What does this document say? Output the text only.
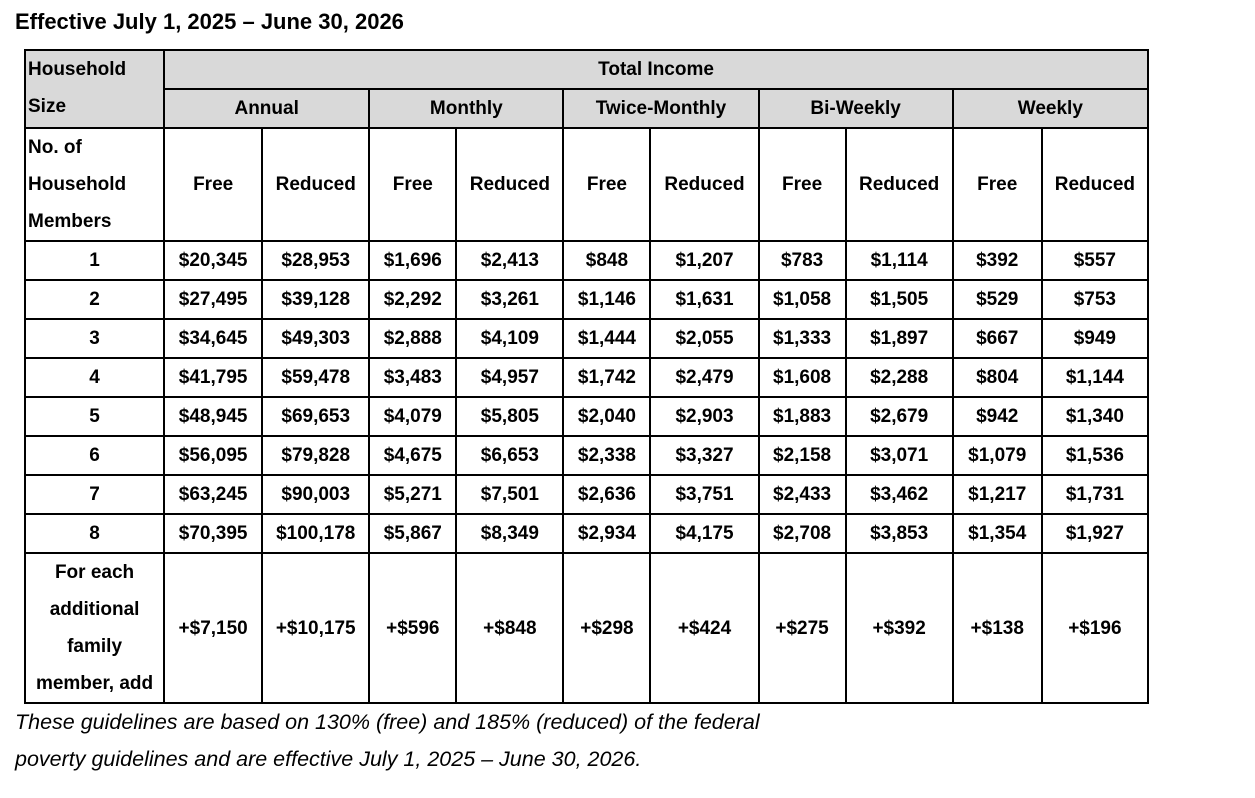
Effective July 1, 2025 – June 30, 2026
Household
Size	Total Income									
	Annual		Monthly		Twice-Monthly		Bi-Weekly		Weekly	

No. of
Household
Members	Free	Reduced	Free	Reduced	Free	Reduced	Free	Reduced	Free	Reduced
1	$20,345	$28,953	$1,696	$2,413	$848	$1,207	$783	$1,114	$392	$557
2	$27,495	$39,128	$2,292	$3,261	$1,146	$1,631	$1,058	$1,505	$529	$753
3	$34,645	$49,303	$2,888	$4,109	$1,444	$2,055	$1,333	$1,897	$667	$949
4	$41,795	$59,478	$3,483	$4,957	$1,742	$2,479	$1,608	$2,288	$804	$1,144
5	$48,945	$69,653	$4,079	$5,805	$2,040	$2,903	$1,883	$2,679	$942	$1,340
6	$56,095	$79,828	$4,675	$6,653	$2,338	$3,327	$2,158	$3,071	$1,079	$1,536
7	$63,245	$90,003	$5,271	$7,501	$2,636	$3,751	$2,433	$3,462	$1,217	$1,731
8	$70,395	$100,178	$5,867	$8,349	$2,934	$4,175	$2,708	$3,853	$1,354	$1,927
For each additional family member, add	+$7,150	+$10,175	+$596	+$848	+$298	+$424	+$275	+$392	+$138	+$196
These guidelines are based on 130% (free) and 185% (reduced) of the federal
poverty guidelines and are effective July 1, 2025 – June 30, 2026.
